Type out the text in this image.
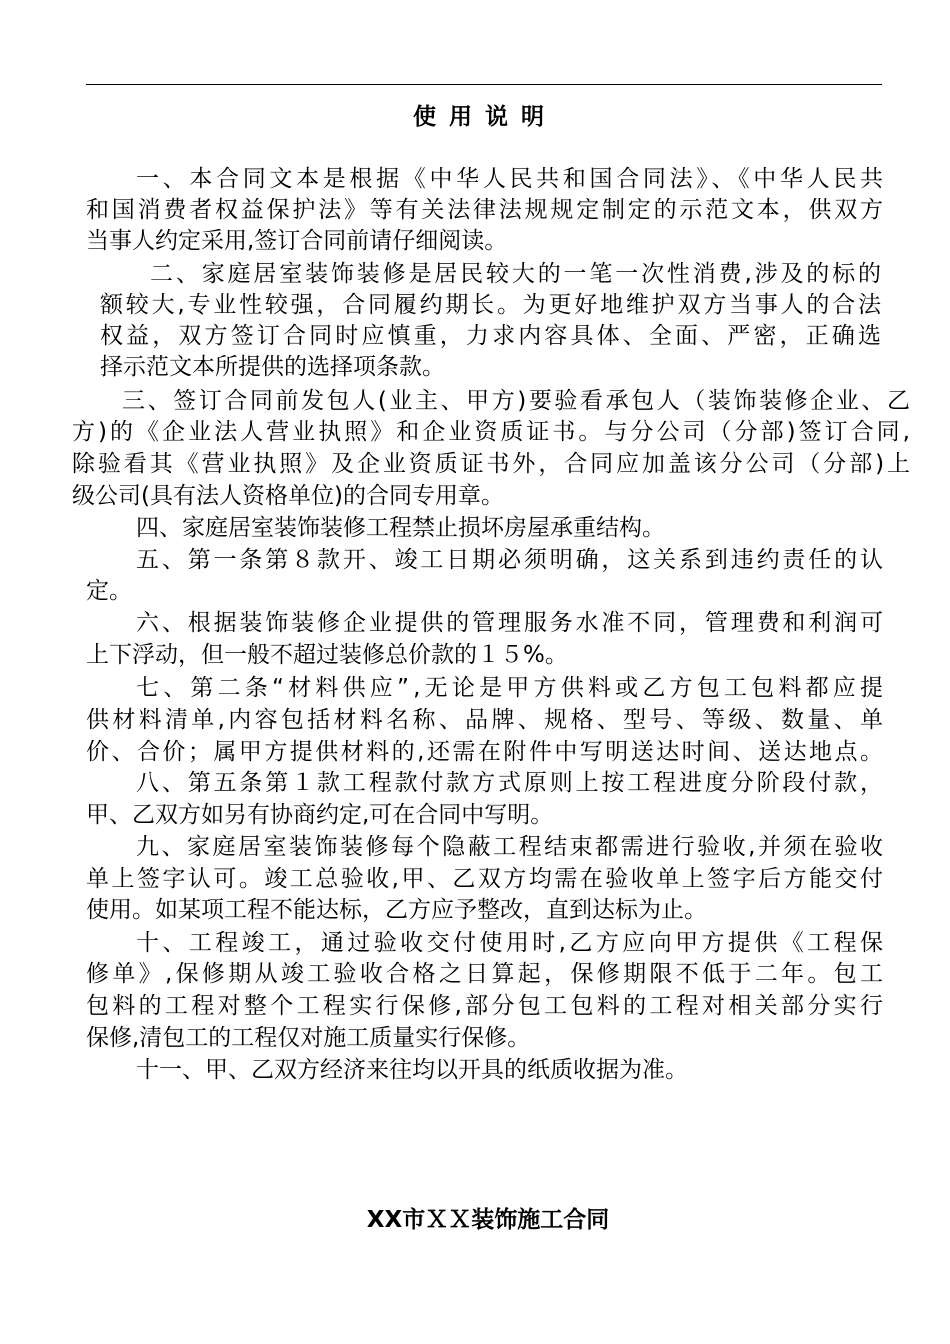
使用说明
一、本合同文本是根据《中华人民共和国合同法》、《中华人民共
和国消费者权益保护法》等有关法律法规规定制定的示范文本，供双方
当事人约定采用,签订合同前请仔细阅读。
二、家庭居室装饰装修是居民较大的一笔一次性消费,涉及的标的
额较大,专业性较强，合同履约期长。为更好地维护双方当事人的合法
权益，双方签订合同时应慎重，力求内容具体、全面、严密，正确选
择示范文本所提供的选择项条款。
三、签订合同前发包人(业主、甲方)要验看承包人（装饰装修企业、乙
方)的《企业法人营业执照》和企业资质证书。与分公司（分部)签订合同,
除验看其《营业执照》及企业资质证书外，合同应加盖该分公司（分部)上
级公司(具有法人资格单位)的合同专用章。
四、家庭居室装饰装修工程禁止损坏房屋承重结构。
五、第一条第８款开、竣工日期必须明确，这关系到违约责任的认
定。
六、根据装饰装修企业提供的管理服务水准不同，管理费和利润可
上下浮动，但一般不超过装修总价款的１５%。
七、第二条“材料供应”,无论是甲方供料或乙方包工包料都应提
供材料清单,内容包括材料名称、品牌、规格、型号、等级、数量、单
价、合价；属甲方提供材料的,还需在附件中写明送达时间、送达地点。
八、第五条第１款工程款付款方式原则上按工程进度分阶段付款，
甲、乙双方如另有协商约定,可在合同中写明。
九、家庭居室装饰装修每个隐蔽工程结束都需进行验收,并须在验收
单上签字认可。竣工总验收,甲、乙双方均需在验收单上签字后方能交付
使用。如某项工程不能达标，乙方应予整改，直到达标为止。
十、工程竣工，通过验收交付使用时,乙方应向甲方提供《工程保
修单》,保修期从竣工验收合格之日算起，保修期限不低于二年。包工
包料的工程对整个工程实行保修,部分包工包料的工程对相关部分实行
保修,清包工的工程仅对施工质量实行保修。
十一、甲、乙双方经济来往均以开具的纸质收据为准。
XX市ＸＸ装饰施工合同
